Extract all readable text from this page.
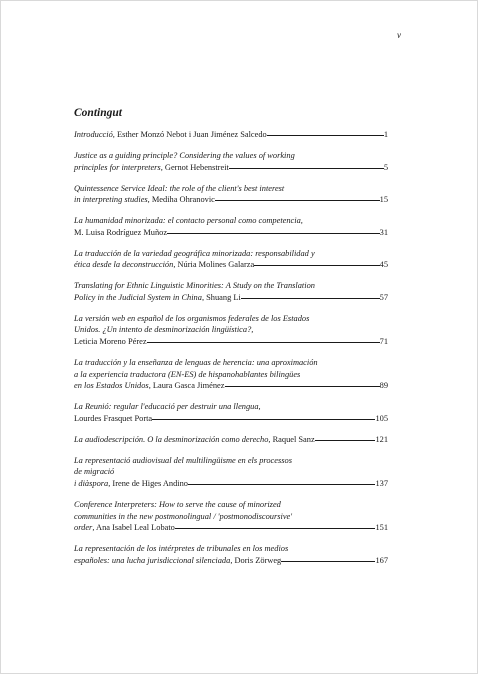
v
Contingut
Introducció , Esther Monzó Nebot i Juan Jiménez Salcedo	1
Justice as a guiding principle? Considering the values of working
principles for interpreters , Gernot Hebenstreit	5
Quintessence Service Ideal: the role of the client's best interest
in interpreting studies , Mediha Ohranovic	15
La humanidad minorizada: el contacto personal como competencia,
M. Luisa Rodríguez Muñoz	31
La traducción de la variedad geográfica minorizada: responsabilidad y
ética desde la deconstrucción , Núria Molines Galarza	45
Translating for Ethnic Linguistic Minorities: A Study on the Translation
Policy in the Judicial System in China , Shuang Li	57
La versión web en español de los organismos federales de los Estados
Unidos. ¿Un intento de desminorización lingüística?,
Leticia Moreno Pérez	71
La traducción y la enseñanza de lenguas de herencia: una aproximación
a la experiencia traductora (EN-ES) de hispanohablantes bilingües
en los Estados Unidos , Laura Gasca Jiménez	89
La Reunió: regular l'educació per destruir una llengua,
Lourdes Frasquet Porta	105
La audiodescripción. O la desminorización como derecho , Raquel Sanz	121
La representació audiovisual del multilingüisme en els processos
de migració
i diàspora , Irene de Higes Andino	137
Conference Interpreters: How to serve the cause of minorized
communities in the new postmonolingual / 'postmonodiscoursive'
order , Ana Isabel Leal Lobato	151
La representación de los intérpretes de tribunales en los medios
españoles: una lucha jurisdiccional silenciada , Doris Zörweg	167
